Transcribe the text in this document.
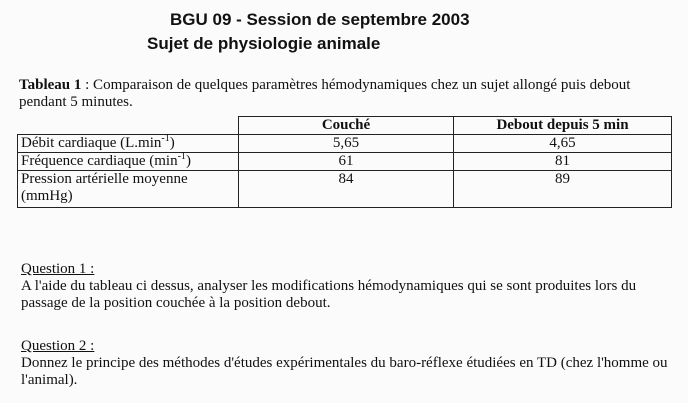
BGU 09 - Session de septembre 2003
Sujet de physiologie animale
Tableau 1 : Comparaison de quelques paramètres hémodynamiques chez un sujet allongé puis debout pendant 5 minutes.
	Couché	Debout depuis 5 min
Débit cardiaque $(L.\min^{-1})$	5,65	4,65
Fréquence cardiaque $(\min^{-1})$	61	81
Pression artérielle moyenne (mmHg)	84	89
Question 1 :
A l'aide du tableau ci dessus, analyser les modifications hémodynamiques qui se sont produites lors du passage de la position couchée à la position debout.
Question 2 :
Donnez le principe des méthodes d'études expérimentales du baro-réflexe étudiées en TD (chez l'homme ou l'animal).
